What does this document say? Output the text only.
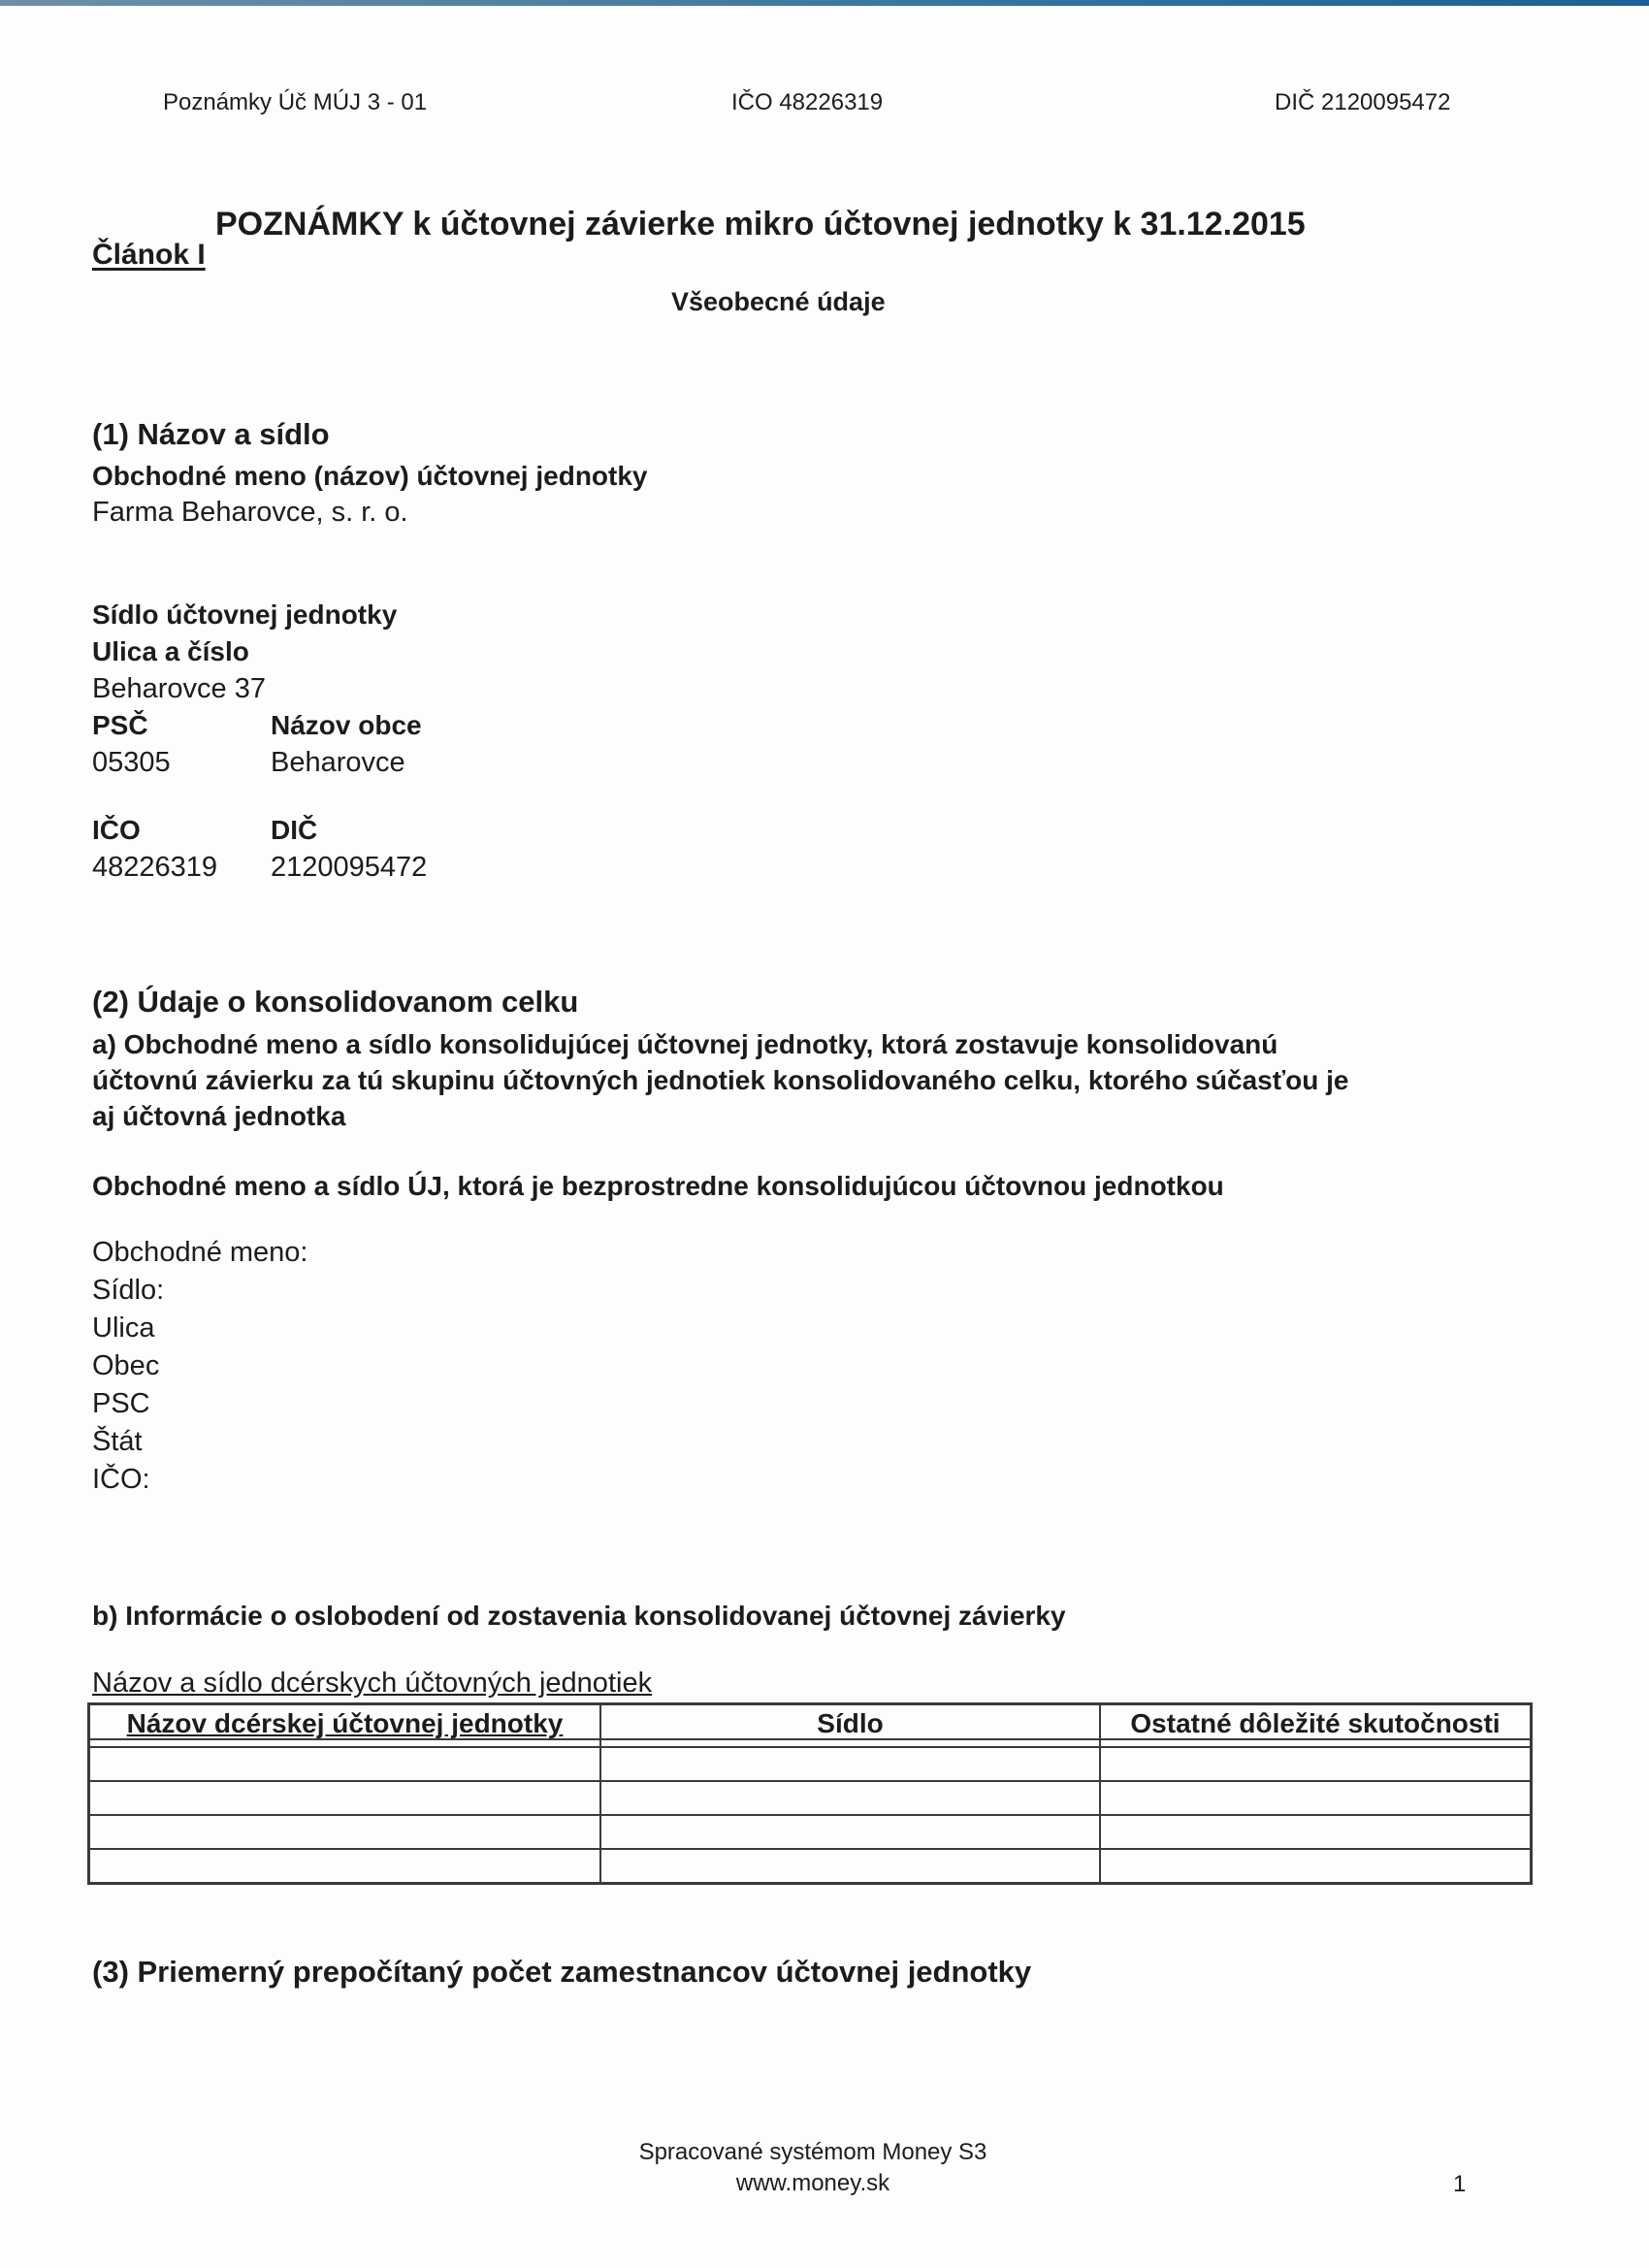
Poznámky Úč MÚJ 3 - 01	IČO 48226319	DIČ 2120095472
POZNÁMKY k účtovnej závierke mikro účtovnej jednotky k 31.12.2015
Článok I
Všeobecné údaje
(1) Názov a sídlo
Obchodné meno (názov) účtovnej jednotky
Farma Beharovce, s. r. o.
Sídlo účtovnej jednotky
Ulica a číslo
Beharovce 37
PSČ	Názov obce
05305	Beharovce
IČO	DIČ
48226319 2120095472
(2) Údaje o konsolidovanom celku
a) Obchodné meno a sídlo konsolidujúcej účtovnej jednotky, ktorá zostavuje konsolidovanú
účtovnú závierku za tú skupinu účtovných jednotiek konsolidovaného celku, ktorého súčasťou je
aj účtovná jednotka
Obchodné meno a sídlo ÚJ, ktorá je bezprostredne konsolidujúcou účtovnou jednotkou
Obchodné meno:
Sídlo:
Ulica
Obec
PSC
Štát
IČO:
b) Informácie o oslobodení od zostavenia konsolidovanej účtovnej závierky
Názov a sídlo dcérskych účtovných jednotiek
Názov dcérskej účtovnej jednotky	Sídlo	Ostatné dôležité skutočnosti

(3) Priemerný prepočítaný počet zamestnancov účtovnej jednotky
Spracované systémom Money S3
www.money.sk	1
